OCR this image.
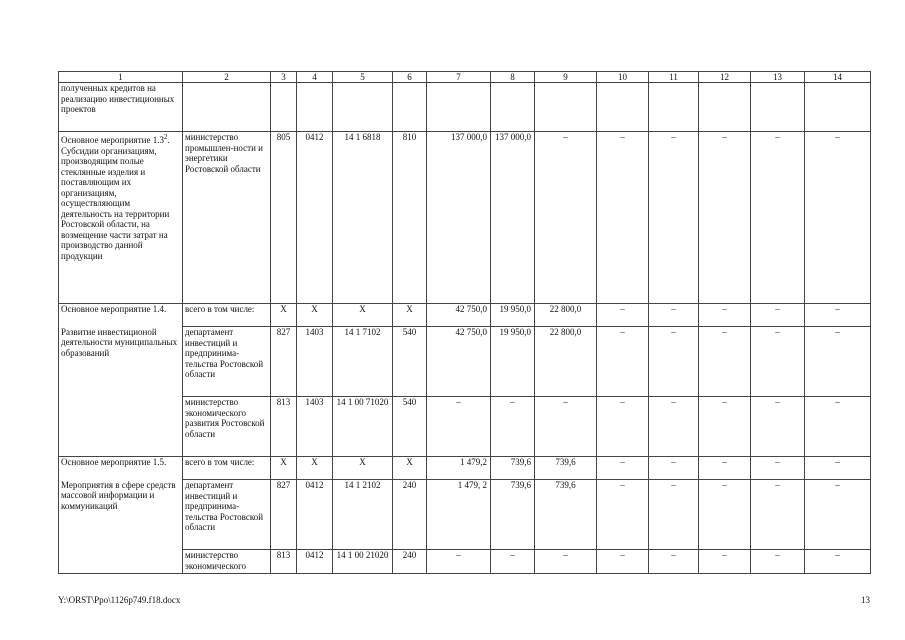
1	2	3	4	5	6	7	8	9	10	11	12	13	14
полученных кредитов на реализацию инвестиционных проектов													
Основное мероприятие $1.3^2$. Субсидии организациям, производящим полые стеклянные изделия и поставляющим их организациям, осуществляющим деятельность на территории Ростовской области, на возмещение части затрат на производство данной продукции	министерство промышлен-ности и энергетики Ростовской области	805	0412	14 1 6818	810	137 000,0	137 000,0	–	–	–	–	–	–
Основное мероприятие 1.4.	всего в том числе:	X	X	X	X	42 750,0	19 950,0	22 800,0	–	–	–	–	–
Развитие инвестиционой деятельности муниципальных образований	департамент инвестиций и предпринима-тельства Ростовской области	827	1403	14 1 7102	540	42 750,0	19 950,0	22 800,0	–	–	–	–	–
	министерство экономического развития Ростовской области	813	1403	14 1 00 71020	540	–	–	–	–	–	–	–	–
Основное мероприятие 1.5.	всего в том числе:	X	X	X	X	1 479,2	739,6	739,6	–	–	–	–	–
Мероприятия в сфере средств массовой информации и коммуникаций	департамент инвестиций и предпринима-тельства Ростовской области	827	0412	14 1 2102	240	1 479, 2	739,6	739,6	–	–	–	–	–
	министерство экономического	813	0412	14 1 00 21020	240	–	–	–	–	–	–	–	–
Y:\ORST\Ppo\1126p749.f18.docx	13
